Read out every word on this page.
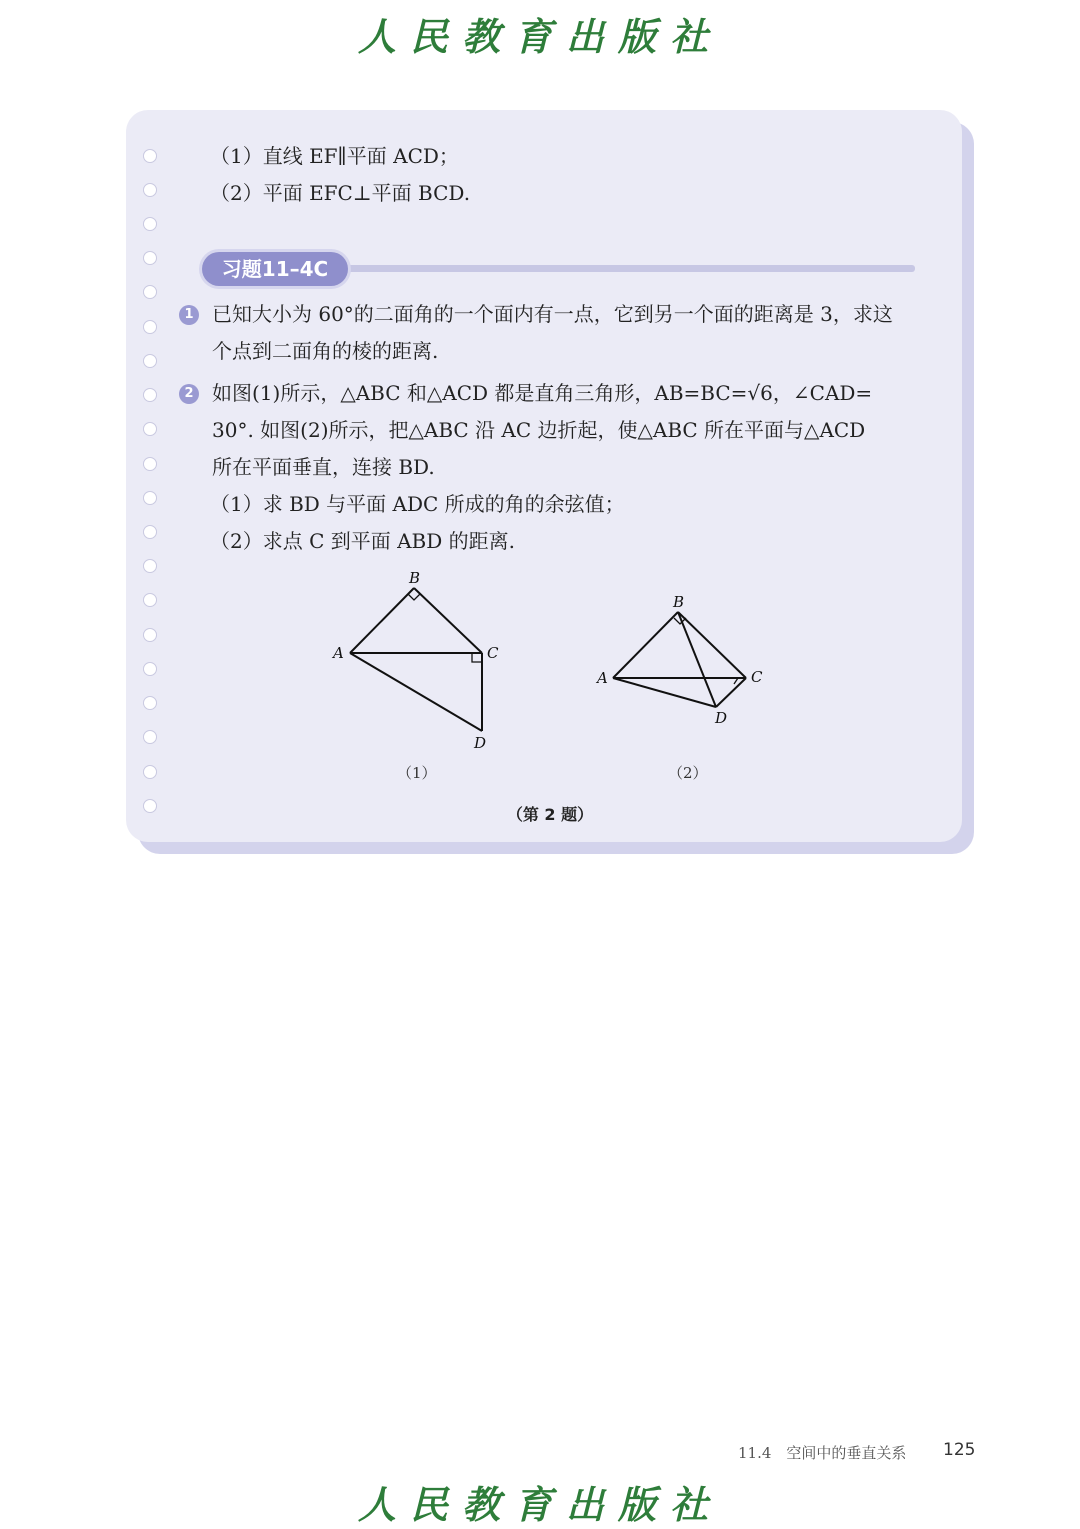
人民教育出版社
（1）直线 EF∥平面 ACD；
（2）平面 EFC⊥平面 BCD.
习题11–4C
1 已知大小为 60°的二面角的一个面内有一点，它到另一个面的距离是 3，求这
个点到二面角的棱的距离.
2 如图(1)所示，△ABC 和△ACD 都是直角三角形，AB=BC=√6，∠CAD=
30°. 如图(2)所示，把△ABC 沿 AC 边折起，使△ABC 所在平面与△ACD
所在平面垂直，连接 BD.
（1）求 BD 与平面 ADC 所成的角的余弦值；
（2）求点 C 到平面 ABD 的距离.
B
A	C
D
B
A	C
D
（1）	（2）
（第 2 题）
11.4　空间中的垂直关系 125
人民教育出版社
